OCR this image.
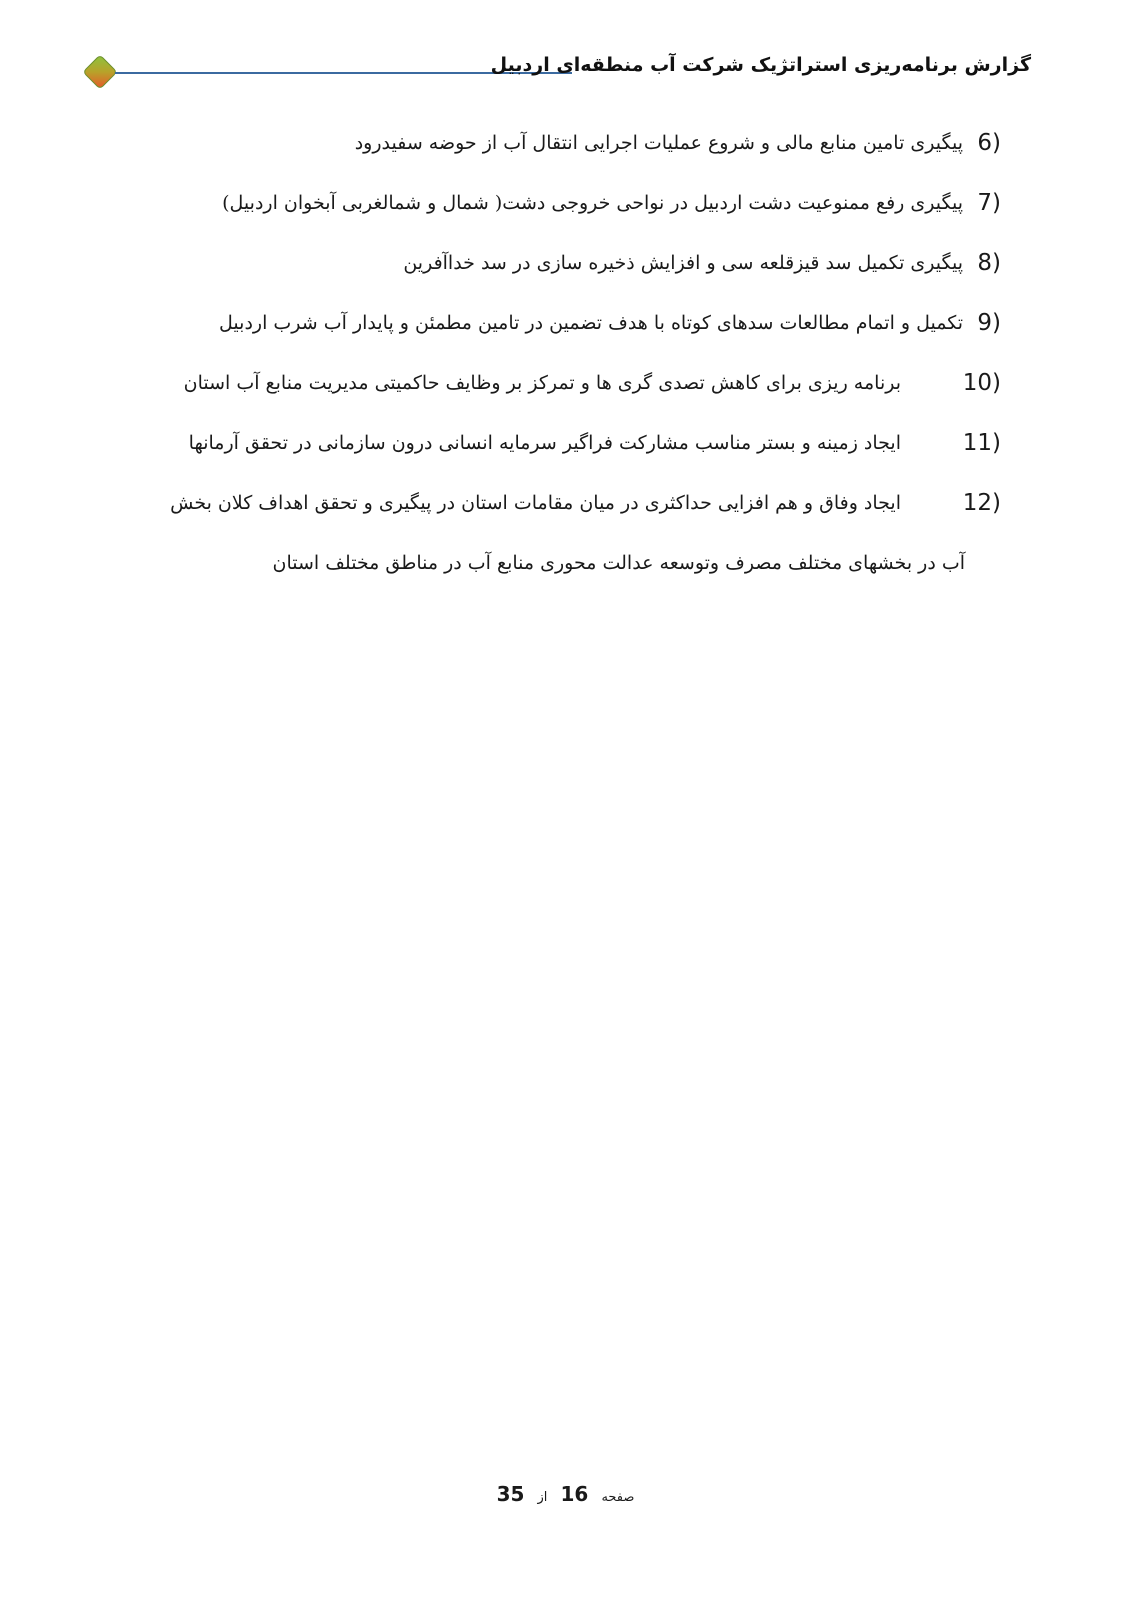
گزارش برنامه‌ریزی استراتژیک شرکت آب منطقه‌ای اردبیل
6)
پیگیری تامین منابع مالی و شروع عملیات اجرایی انتقال آب از حوضه سفیدرود
7)
پیگیری رفع ممنوعیت دشت اردبیل در نواحی خروجی دشت( شمال و شمالغربی آبخوان اردبیل)
8)
پیگیری تکمیل سد قیزقلعه سی و افزایش ذخیره سازی در سد خداآفرین
9)
تکمیل و اتمام مطالعات سدهای کوتاه با هدف تضمین در تامین مطمئن و پایدار آب شرب اردبیل
10)
برنامه ریزی برای کاهش تصدی گری ها و تمرکز بر وظایف حاکمیتی مدیریت منابع آب استان
11)
ایجاد زمینه و بستر مناسب مشارکت فراگیر سرمایه انسانی درون سازمانی در تحقق آرمانها
12)
ایجاد وفاق و هم افزایی حداکثری در میان مقامات استان در پیگیری و تحقق اهداف کلان بخش
آب در بخشهای مختلف مصرف وتوسعه عدالت محوری منابع آب در مناطق مختلف استان
صفحه 16 از 35
